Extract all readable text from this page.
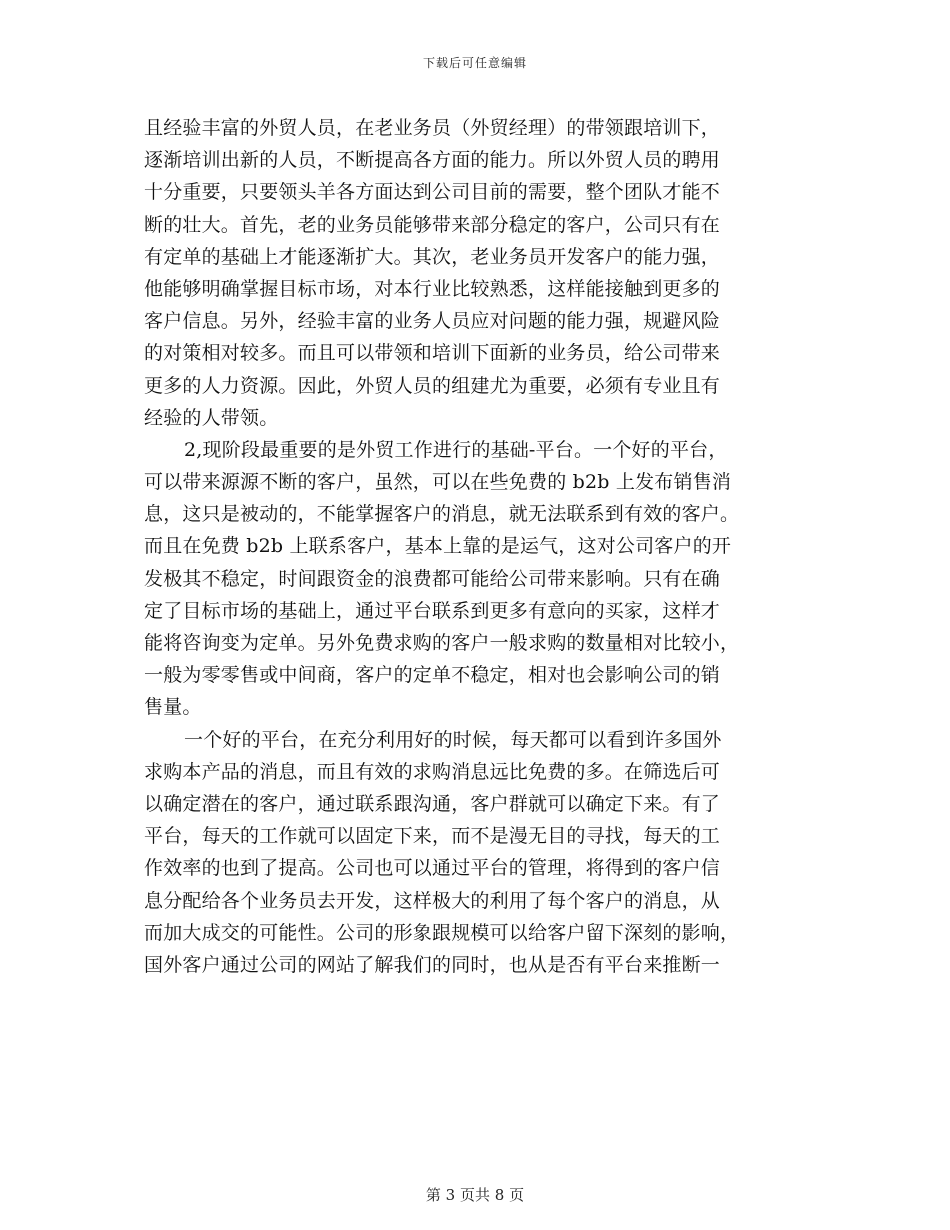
下载后可任意编辑
且经验丰富的外贸人员，在老业务员（外贸经理）的带领跟培训下，
逐渐培训出新的人员，不断提高各方面的能力。所以外贸人员的聘用
十分重要，只要领头羊各方面达到公司目前的需要，整个团队才能不
断的壮大。首先，老的业务员能够带来部分稳定的客户，公司只有在
有定单的基础上才能逐渐扩大。其次，老业务员开发客户的能力强，
他能够明确掌握目标市场，对本行业比较熟悉，这样能接触到更多的
客户信息。另外，经验丰富的业务人员应对问题的能力强，规避风险
的对策相对较多。而且可以带领和培训下面新的业务员，给公司带来
更多的人力资源。因此，外贸人员的组建尤为重要，必须有专业且有
经验的人带领。
2,现阶段最重要的是外贸工作进行的基础-平台。一个好的平台，
可以带来源源不断的客户，虽然，可以在些免费的 b2b 上发布销售消
息，这只是被动的，不能掌握客户的消息，就无法联系到有效的客户。
而且在免费 b2b 上联系客户，基本上靠的是运气，这对公司客户的开
发极其不稳定，时间跟资金的浪费都可能给公司带来影响。只有在确
定了目标市场的基础上，通过平台联系到更多有意向的买家，这样才
能将咨询变为定单。另外免费求购的客户一般求购的数量相对比较小，
一般为零零售或中间商，客户的定单不稳定，相对也会影响公司的销
售量。
一个好的平台，在充分利用好的时候，每天都可以看到许多国外
求购本产品的消息，而且有效的求购消息远比免费的多。在筛选后可
以确定潜在的客户，通过联系跟沟通，客户群就可以确定下来。有了
平台，每天的工作就可以固定下来，而不是漫无目的寻找，每天的工
作效率的也到了提高。公司也可以通过平台的管理，将得到的客户信
息分配给各个业务员去开发，这样极大的利用了每个客户的消息，从
而加大成交的可能性。公司的形象跟规模可以给客户留下深刻的影响，
国外客户通过公司的网站了解我们的同时，也从是否有平台来推断一
第 3 页共 8 页
